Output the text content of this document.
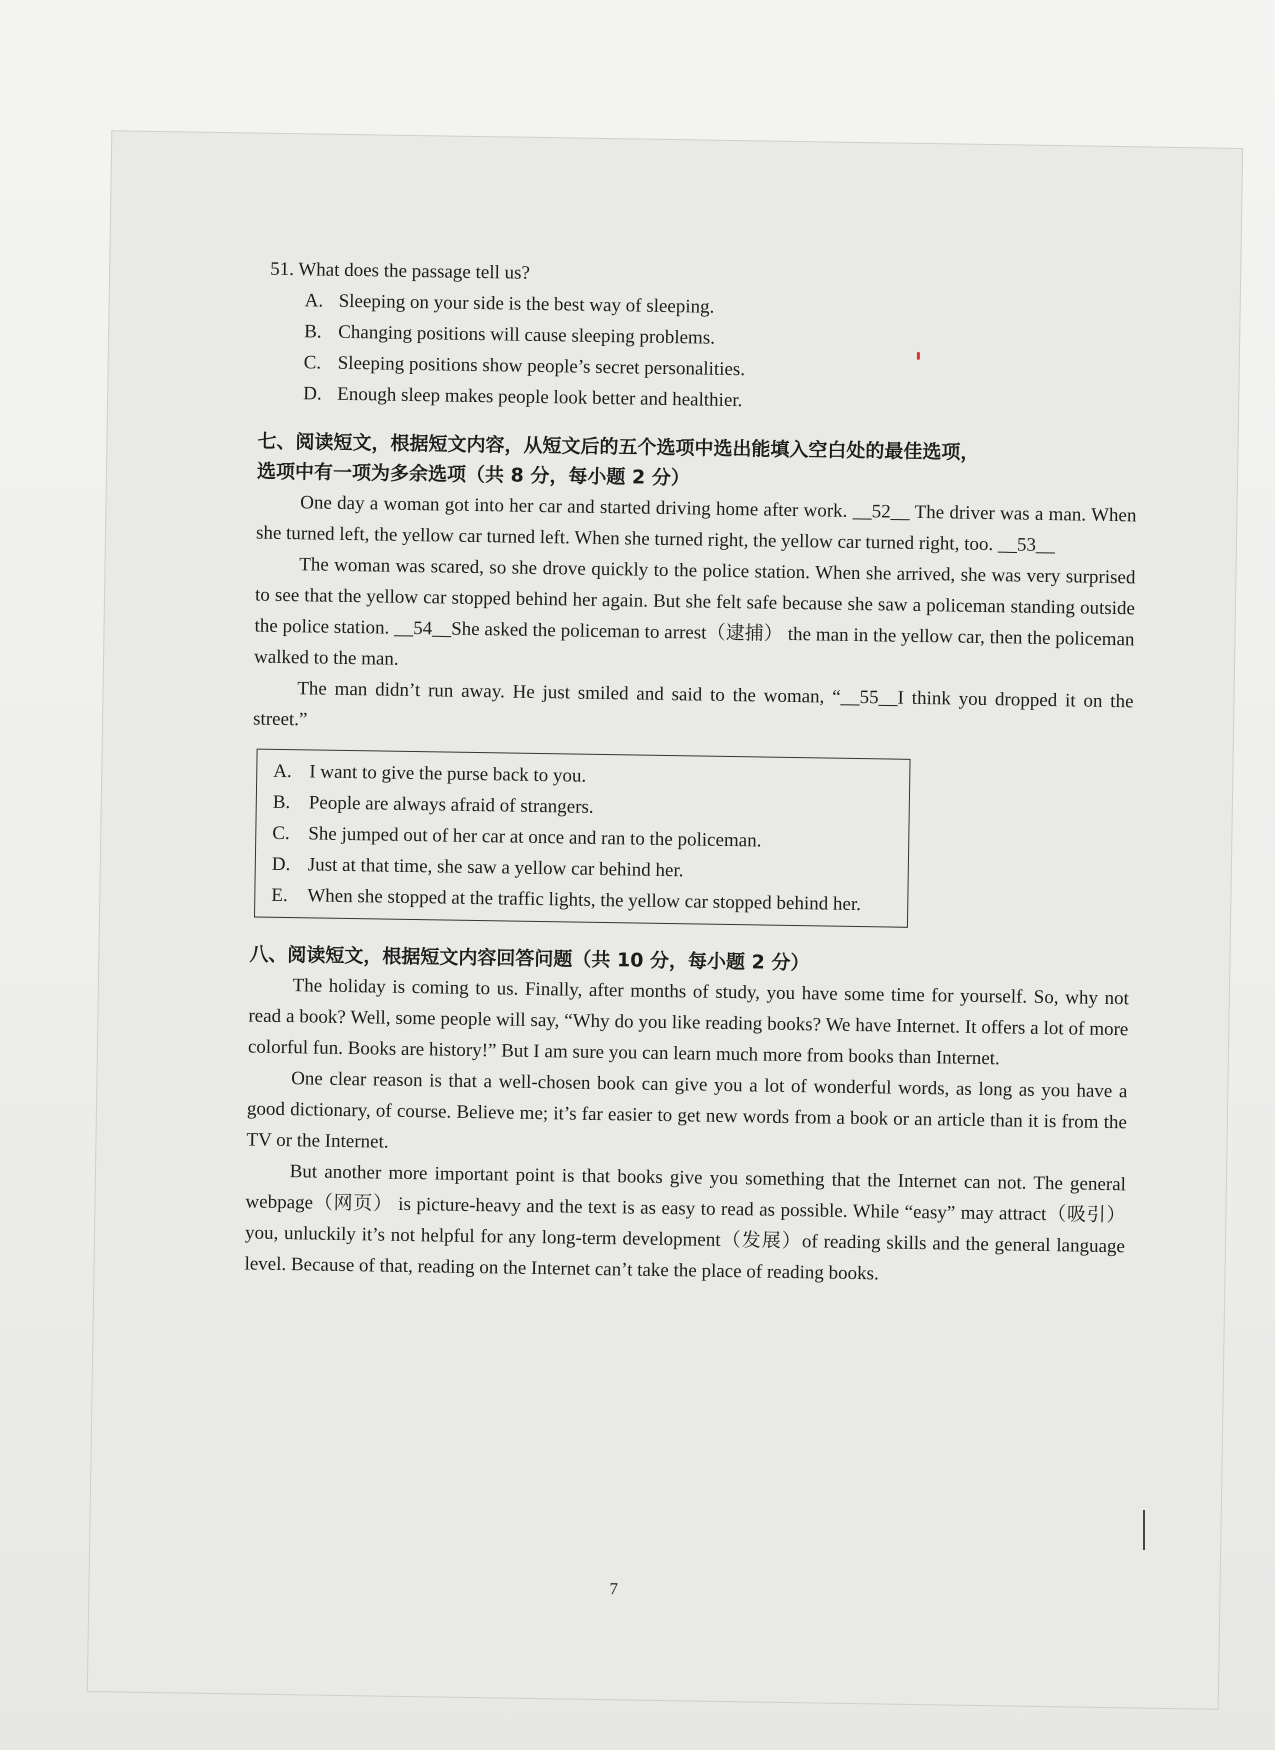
51. What does the passage tell us?
A. Sleeping on your side is the best way of sleeping.
B. Changing positions will cause sleeping problems.
C. Sleeping positions show people’s secret personalities.
D. Enough sleep makes people look better and healthier.
七、阅读短文，根据短文内容，从短文后的五个选项中选出能填入空白处的最佳选项，
选项中有一项为多余选项（共 8 分，每小题 2 分）
One day a woman got into her car and started driving home after work. __52__ The driver was a man. When she turned left, the yellow car turned left. When she turned right, the yellow car turned right, too. __53__
The woman was scared, so she drove quickly to the police station. When she arrived, she was very surprised to see that the yellow car stopped behind her again. But she felt safe because she saw a policeman standing outside the police station. __54__She asked the policeman to arrest（逮捕） the man in the yellow car, then the policeman walked to the man.
The man didn’t run away. He just smiled and said to the woman, “__55__I think you dropped it on the street.”
A. I want to give the purse back to you.
B. People are always afraid of strangers.
C. She jumped out of her car at once and ran to the policeman.
D. Just at that time, she saw a yellow car behind her.
E.	When she stopped at the traffic lights, the yellow car stopped behind her.
八、阅读短文，根据短文内容回答问题（共 10 分，每小题 2 分）
The holiday is coming to us. Finally, after months of study, you have some time for yourself. So, why not read a book? Well, some people will say, “Why do you like reading books? We have Internet. It offers a lot of more colorful fun. Books are history!” But I am sure you can learn much more from books than Internet.
One clear reason is that a well-chosen book can give you a lot of wonderful words, as long as you have a good dictionary, of course. Believe me; it’s far easier to get new words from a book or an article than it is from the TV or the Internet.
But another more important point is that books give you something that the Internet can not. The general webpage（网页） is picture-heavy and the text is as easy to read as possible. While “easy” may attract（吸引）you, unluckily it’s not helpful for any long-term development（发展）of reading skills and the general language level. Because of that, reading on the Internet can’t take the place of reading books.
7
